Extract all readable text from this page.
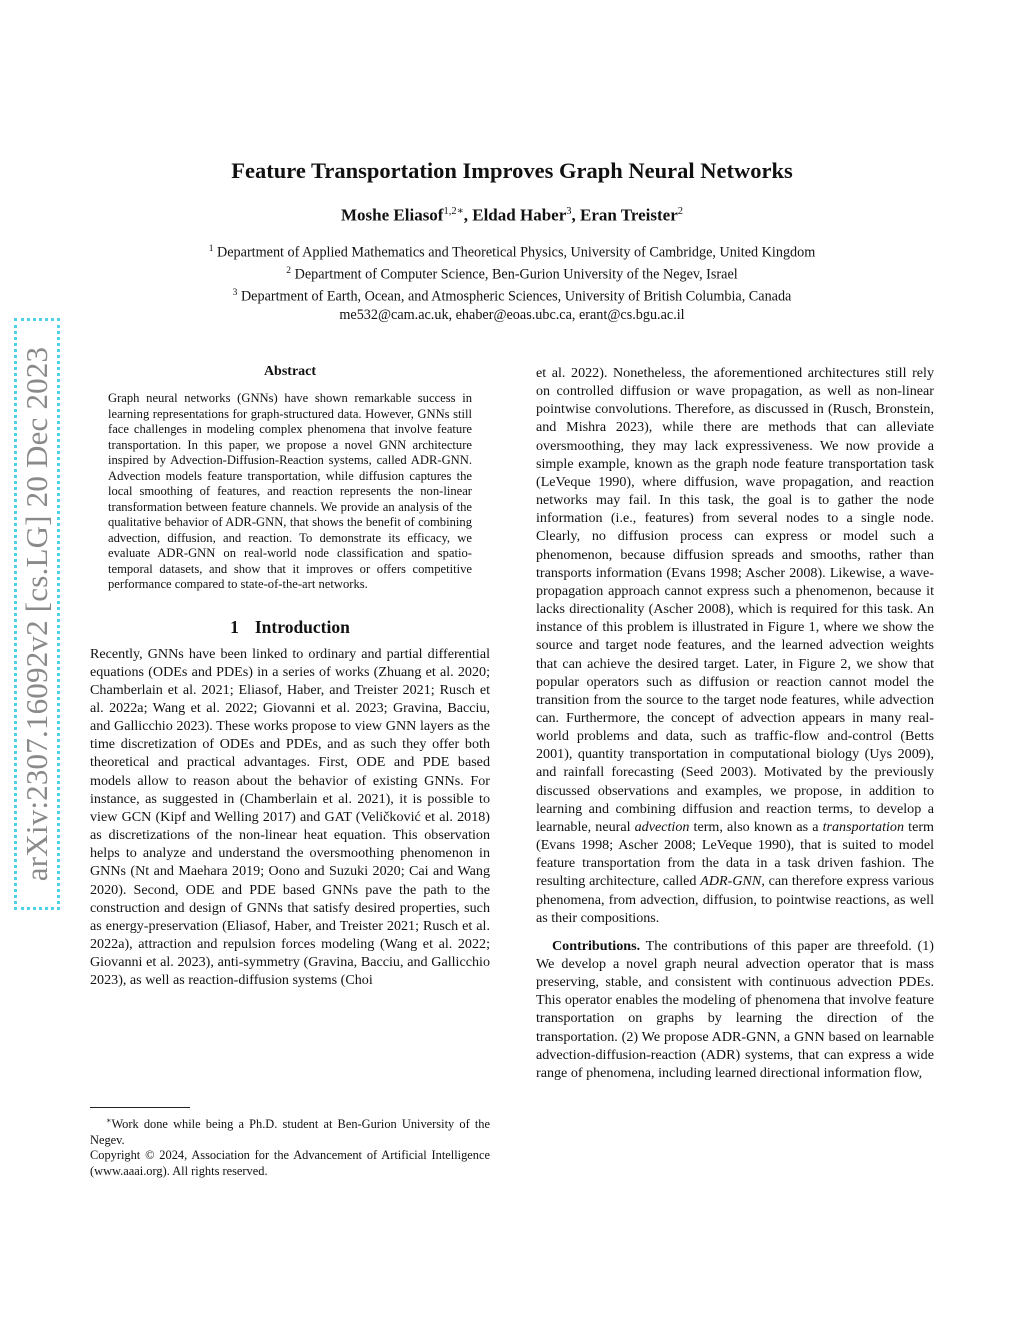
arXiv:2307.16092v2 [cs.LG] 20 Dec 2023
Feature Transportation Improves Graph Neural Networks
Moshe Eliasof$^{1,2∗}$, Eldad Haber$^3$, Eran Treister$^2$
$^1$ Department of Applied Mathematics and Theoretical Physics, University of Cambridge, United Kingdom
$^2$ Department of Computer Science, Ben-Gurion University of the Negev, Israel
$^3$ Department of Earth, Ocean, and Atmospheric Sciences, University of British Columbia, Canada
me532@cam.ac.uk, ehaber@eoas.ubc.ca, erant@cs.bgu.ac.il
Abstract

Graph neural networks (GNNs) have shown remarkable success in learning representations for graph-structured data. However, GNNs still face challenges in modeling complex phenomena that involve feature transportation. In this paper, we propose a novel GNN architecture inspired by Advection-Diffusion-Reaction systems, called ADR-GNN. Advection models feature transportation, while diffusion captures the local smoothing of features, and reaction represents the non-linear transformation between feature channels. We provide an analysis of the qualitative behavior of ADR-GNN, that shows the benefit of combining advection, diffusion, and reaction. To demonstrate its efficacy, we evaluate ADR-GNN on real-world node classification and spatio-temporal datasets, and show that it improves or offers competitive performance compared to state-of-the-art networks.

1 Introduction

Recently, GNNs have been linked to ordinary and partial differential equations (ODEs and PDEs) in a series of works (Zhuang et al. 2020; Chamberlain et al. 2021; Eliasof, Haber, and Treister 2021; Rusch et al. 2022a; Wang et al. 2022; Giovanni et al. 2023; Gravina, Bacciu, and Gallicchio 2023). These works propose to view GNN layers as the time discretization of ODEs and PDEs, and as such they offer both theoretical and practical advantages. First, ODE and PDE based models allow to reason about the behavior of existing GNNs. For instance, as suggested in (Chamberlain et al. 2021), it is possible to view GCN (Kipf and Welling 2017) and GAT (Veličković et al. 2018) as discretizations of the non-linear heat equation. This observation helps to analyze and understand the oversmoothing phenomenon in GNNs (Nt and Maehara 2019; Oono and Suzuki 2020; Cai and Wang 2020). Second, ODE and PDE based GNNs pave the path to the construction and design of GNNs that satisfy desired properties, such as energy-preservation (Eliasof, Haber, and Treister 2021; Rusch et al. 2022a), attraction and repulsion forces modeling (Wang et al. 2022; Giovanni et al. 2023), anti-symmetry (Gravina, Bacciu, and Gallicchio 2023), as well as reaction-diffusion systems (Choi

∗Work done while being a Ph.D. student at Ben-Gurion University of the Negev.
Copyright © 2024, Association for the Advancement of Artificial Intelligence (www.aaai.org). All rights reserved.

et al. 2022). Nonetheless, the aforementioned architectures still rely on controlled diffusion or wave propagation, as well as non-linear pointwise convolutions. Therefore, as discussed in (Rusch, Bronstein, and Mishra 2023), while there are methods that can alleviate oversmoothing, they may lack expressiveness. We now provide a simple example, known as the graph node feature transportation task (LeVeque 1990), where diffusion, wave propagation, and reaction networks may fail. In this task, the goal is to gather the node information (i.e., features) from several nodes to a single node. Clearly, no diffusion process can express or model such a phenomenon, because diffusion spreads and smooths, rather than transports information (Evans 1998; Ascher 2008). Likewise, a wave-propagation approach cannot express such a phenomenon, because it lacks directionality (Ascher 2008), which is required for this task. An instance of this problem is illustrated in Figure 1, where we show the source and target node features, and the learned advection weights that can achieve the desired target. Later, in Figure 2, we show that popular operators such as diffusion or reaction cannot model the transition from the source to the target node features, while advection can. Furthermore, the concept of advection appears in many real-world problems and data, such as traffic-flow and-control (Betts 2001), quantity transportation in computational biology (Uys 2009), and rainfall forecasting (Seed 2003). Motivated by the previously discussed observations and examples, we propose, in addition to learning and combining diffusion and reaction terms, to develop a learnable, neural advection term, also known as a transportation term (Evans 1998; Ascher 2008; LeVeque 1990), that is suited to model feature transportation from the data in a task driven fashion. The resulting architecture, called ADR-GNN, can therefore express various phenomena, from advection, diffusion, to pointwise reactions, as well as their compositions.

Contributions. The contributions of this paper are threefold. (1) We develop a novel graph neural advection operator that is mass preserving, stable, and consistent with continuous advection PDEs. This operator enables the modeling of phenomena that involve feature transportation on graphs by learning the direction of the transportation. (2) We propose ADR-GNN, a GNN based on learnable advection-diffusion-reaction (ADR) systems, that can express a wide range of phenomena, including learned directional information flow,
